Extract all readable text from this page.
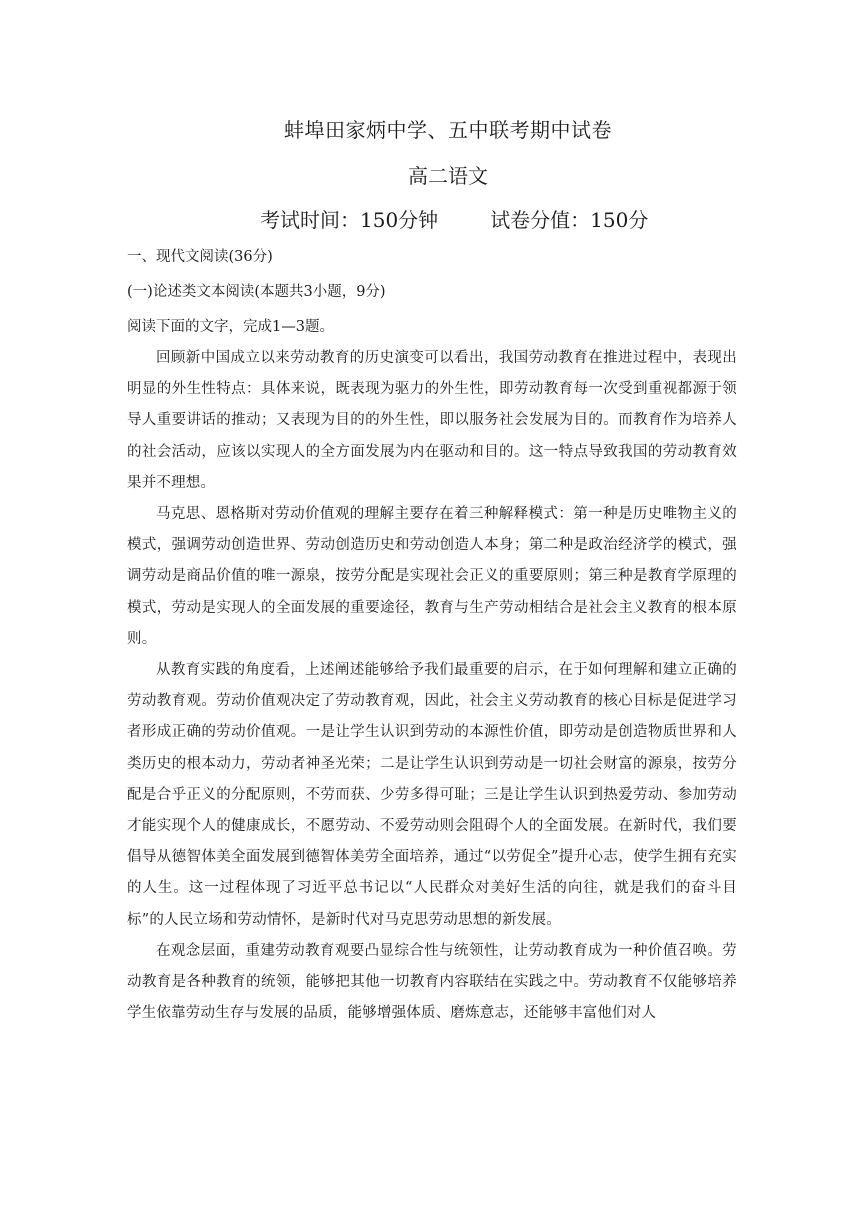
蚌埠田家炳中学、五中联考期中试卷
高二语文
考试时间：150分钟	试卷分值：150分
一、现代文阅读(36分)
(一)论述类文本阅读(本题共3小题，9分)
阅读下面的文字，完成1—3题。

回顾新中国成立以来劳动教育的历史演变可以看出，我国劳动教育在推进过程中，表现出明显的外生性特点：具体来说，既表现为驱力的外生性，即劳动教育每一次受到重视都源于领导人重要讲话的推动；又表现为目的的外生性，即以服务社会发展为目的。而教育作为培养人的社会活动，应该以实现人的全方面发展为内在驱动和目的。这一特点导致我国的劳动教育效果并不理想。

马克思、恩格斯对劳动价值观的理解主要存在着三种解释模式：第一种是历史唯物主义的模式，强调劳动创造世界、劳动创造历史和劳动创造人本身；第二种是政治经济学的模式，强调劳动是商品价值的唯一源泉，按劳分配是实现社会正义的重要原则；第三种是教育学原理的模式，劳动是实现人的全面发展的重要途径，教育与生产劳动相结合是社会主义教育的根本原则。

从教育实践的角度看，上述阐述能够给予我们最重要的启示，在于如何理解和建立正确的劳动教育观。劳动价值观决定了劳动教育观，因此，社会主义劳动教育的核心目标是促进学习者形成正确的劳动价值观。一是让学生认识到劳动的本源性价值，即劳动是创造物质世界和人类历史的根本动力，劳动者神圣光荣；二是让学生认识到劳动是一切社会财富的源泉，按劳分配是合乎正义的分配原则，不劳而获、少劳多得可耻；三是让学生认识到热爱劳动、参加劳动才能实现个人的健康成长，不愿劳动、不爱劳动则会阻碍个人的全面发展。在新时代，我们要倡导从德智体美全面发展到德智体美劳全面培养，通过“以劳促全”提升心志，使学生拥有充实的人生。这一过程体现了习近平总书记以“人民群众对美好生活的向往，就是我们的奋斗目标”的人民立场和劳动情怀，是新时代对马克思劳动思想的新发展。

在观念层面，重建劳动教育观要凸显综合性与统领性，让劳动教育成为一种价值召唤。劳动教育是各种教育的统领，能够把其他一切教育内容联结在实践之中。劳动教育不仅能够培养学生依靠劳动生存与发展的品质，能够增强体质、磨炼意志，还能够丰富他们对人
